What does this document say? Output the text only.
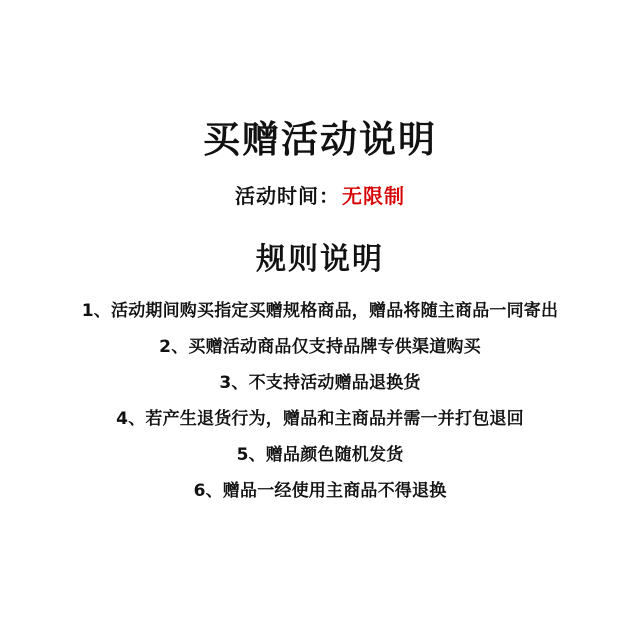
买赠活动说明
活动时间： 无限制
规则说明
1、活动期间购买指定买赠规格商品，赠品将随主商品一同寄出
2、买赠活动商品仅支持品牌专供渠道购买
3、不支持活动赠品退换货
4、若产生退货行为，赠品和主商品并需一并打包退回
5、赠品颜色随机发货
6、赠品一经使用主商品不得退换
